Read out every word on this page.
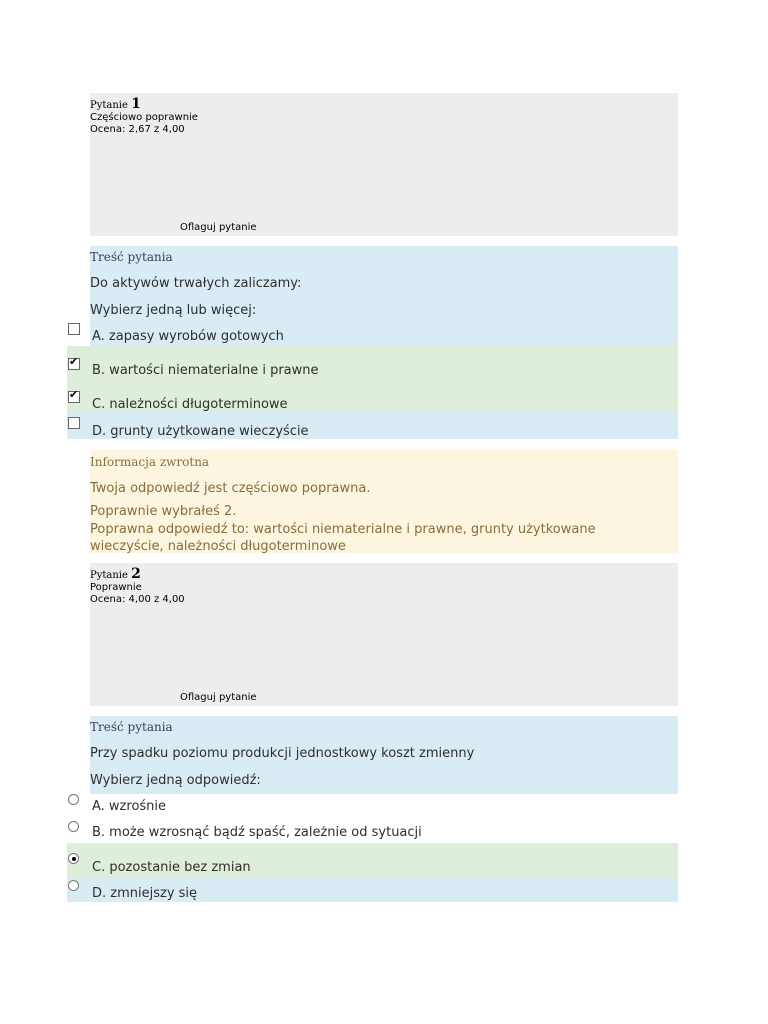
Pytanie 1
Częściowo poprawnie
Ocena: 2,67 z 4,00
Oflaguj pytanie
Treść pytania
Do aktywów trwałych zaliczamy:
Wybierz jedną lub więcej:
A. zapasy wyrobów gotowych
✔
B. wartości niematerialne i prawne
✔
C. należności długoterminowe
D. grunty użytkowane wieczyście
Informacja zwrotna
Twoja odpowiedź jest częściowo poprawna.
Poprawnie wybrałeś 2.
Poprawna odpowiedź to: wartości niematerialne i prawne, grunty użytkowane wieczyście, należności długoterminowe
Pytanie 2
Poprawnie
Ocena: 4,00 z 4,00
Oflaguj pytanie
Treść pytania
Przy spadku poziomu produkcji jednostkowy koszt zmienny
Wybierz jedną odpowiedź:
A. wzrośnie
B. może wzrosnąć bądź spaść, zależnie od sytuacji
C. pozostanie bez zmian
D. zmniejszy się
